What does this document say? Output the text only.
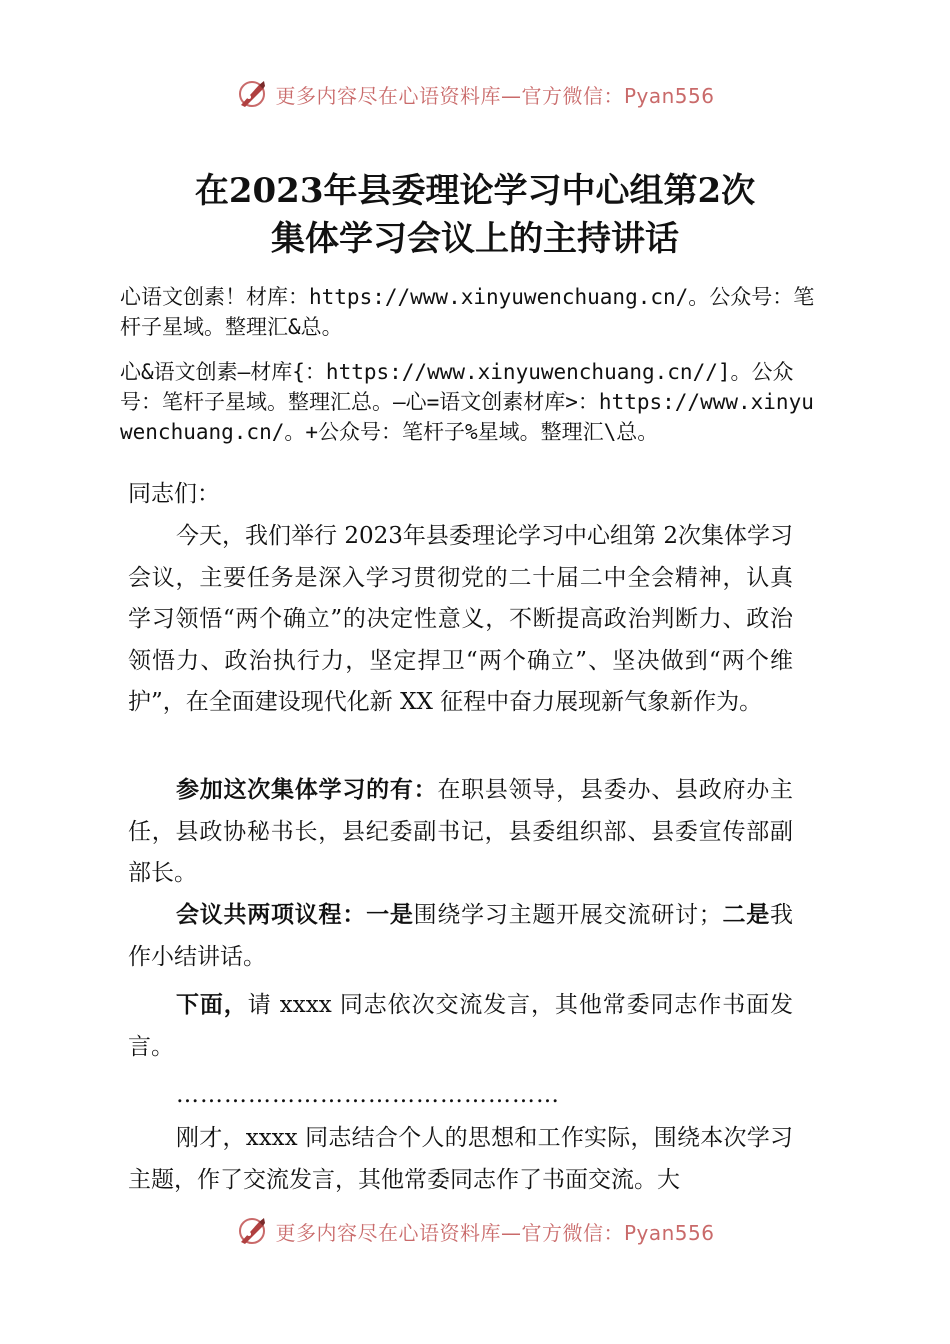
更多内容尽在心语资料库—官方微信：Pyan556
在2023年县委理论学习中心组第2次
集体学习会议上的主持讲话

心语文创素！材库：https://www.xinyuwenchuang.cn/。公众号：笔杆子星域。整理汇&总。

心&语文创素—材库{：https://www.xinyuwenchuang.cn//]。公众号：笔杆子星域。整理汇总。—心=语文创素材库>：https://www.xinyuwenchuang.cn/。+公众号：笔杆子%星域。整理汇\总。

同志们：

今天，我们举行 2023年县委理论学习中心组第 2次集体学习会议，主要任务是深入学习贯彻党的二十届二中全会精神，认真学习领悟“两个确立”的决定性意义，不断提高政治判断力、政治领悟力、政治执行力，坚定捍卫“两个确立”、坚决做到“两个维护”，在全面建设现代化新 XX 征程中奋力展现新气象新作为。

参加这次集体学习的有：在职县领导，县委办、县政府办主任，县政协秘书长，县纪委副书记，县委组织部、县委宣传部副部长。

会议共两项议程：一是围绕学习主题开展交流研讨；二是我作小结讲话。

下面，请 xxxx 同志依次交流发言，其他常委同志作书面发言。

…………………………………………

刚才，xxxx 同志结合个人的思想和工作实际，围绕本次学习主题，作了交流发言，其他常委同志作了书面交流。大

更多内容尽在心语资料库—官方微信：Pyan556
